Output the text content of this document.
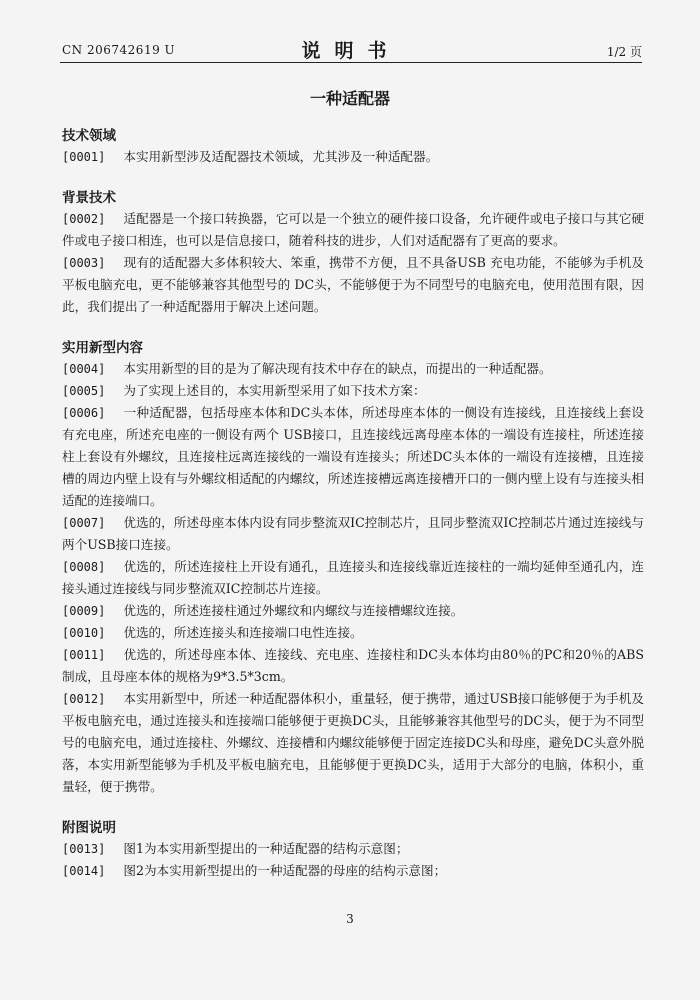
CN 206742619 U	说明书	1/2 页
一种适配器
技术领域

[0001] 本实用新型涉及适配器技术领域，尤其涉及一种适配器。

背景技术

[0002] 适配器是一个接口转换器，它可以是一个独立的硬件接口设备，允许硬件或电子接口与其它硬件或电子接口相连，也可以是信息接口，随着科技的进步，人们对适配器有了更高的要求。

[0003] 现有的适配器大多体积较大、笨重，携带不方便，且不具备USB 充电功能，不能够为手机及平板电脑充电，更不能够兼容其他型号的 DC头，不能够便于为不同型号的电脑充电，使用范围有限，因此，我们提出了一种适配器用于解决上述问题。

实用新型内容

[0004] 本实用新型的目的是为了解决现有技术中存在的缺点，而提出的一种适配器。

[0005] 为了实现上述目的，本实用新型采用了如下技术方案：

[0006] 一种适配器，包括母座本体和DC头本体，所述母座本体的一侧设有连接线，且连接线上套设有充电座，所述充电座的一侧设有两个 USB接口，且连接线远离母座本体的一端设有连接柱，所述连接柱上套设有外螺纹，且连接柱远离连接线的一端设有连接头；所述DC头本体的一端设有连接槽，且连接槽的周边内壁上设有与外螺纹相适配的内螺纹，所述连接槽远离连接槽开口的一侧内壁上设有与连接头相适配的连接端口。

[0007] 优选的，所述母座本体内设有同步整流双IC控制芯片，且同步整流双IC控制芯片通过连接线与两个USB接口连接。

[0008] 优选的，所述连接柱上开设有通孔，且连接头和连接线靠近连接柱的一端均延伸至通孔内，连接头通过连接线与同步整流双IC控制芯片连接。

[0009] 优选的，所述连接柱通过外螺纹和内螺纹与连接槽螺纹连接。

[0010] 优选的，所述连接头和连接端口电性连接。

[0011] 优选的，所述母座本体、连接线、充电座、连接柱和DC头本体均由80％的PC和20％的ABS制成，且母座本体的规格为9*3.5*3cm。

[0012] 本实用新型中，所述一种适配器体积小，重量轻，便于携带，通过USB接口能够便于为手机及平板电脑充电，通过连接头和连接端口能够便于更换DC头，且能够兼容其他型号的DC头，便于为不同型号的电脑充电，通过连接柱、外螺纹、连接槽和内螺纹能够便于固定连接DC头和母座，避免DC头意外脱落，本实用新型能够为手机及平板电脑充电，且能够便于更换DC头，适用于大部分的电脑，体积小，重量轻，便于携带。

附图说明

[0013] 图1为本实用新型提出的一种适配器的结构示意图；

[0014] 图2为本实用新型提出的一种适配器的母座的结构示意图；

3
